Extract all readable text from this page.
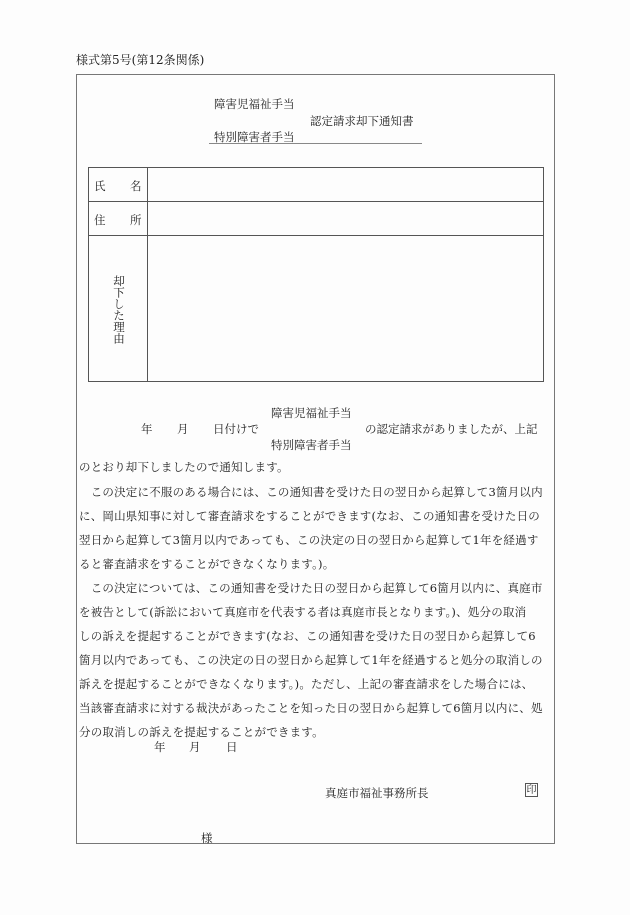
様式第5号(第12条関係)
障害児福祉手当
認定請求却下通知書
特別障害者手当
氏 名
住 所
却下した理由
年 月 日付けで
障害児福祉手当
特別障害者手当
の認定請求がありましたが、上記
のとおり却下しましたので通知します。
　この決定に不服のある場合には、この通知書を受けた日の翌日から起算して3箇月以内
に、岡山県知事に対して審査請求をすることができます(なお、この通知書を受けた日の
翌日から起算して3箇月以内であっても、この決定の日の翌日から起算して1年を経過す
ると審査請求をすることができなくなります。)。
　この決定については、この通知書を受けた日の翌日から起算して6箇月以内に、真庭市
を被告として(訴訟において真庭市を代表する者は真庭市長となります。)、処分の取消
しの訴えを提起することができます(なお、この通知書を受けた日の翌日から起算して6
箇月以内であっても、この決定の日の翌日から起算して1年を経過すると処分の取消しの
訴えを提起することができなくなります。)。ただし、上記の審査請求をした場合には、
当該審査請求に対する裁決があったことを知った日の翌日から起算して6箇月以内に、処
分の取消しの訴えを提起することができます。
年 月 日
真庭市福祉事務所長	印
様
